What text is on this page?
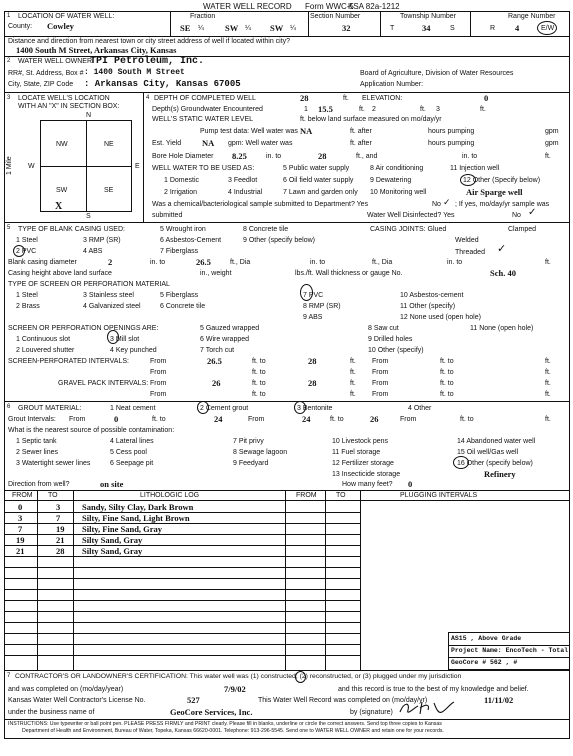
WATER WELL RECORD Form WWC-5
KSA 82a-1212
1 LOCATION OF WATER WELL:
County: Cowley
Fraction
SE ¼ SW ¼ SW ¼
Section Number
32
Township Number
T	34	S
Range Number
R 4	E/W
Distance and direction from nearest town or city street address of well if located within city?
1400 South M Street, Arkansas City, Kansas
2 WATER WELL OWNER:
TPI Petroleum, Inc.
RR#, St. Address, Box # : 1400 South M Street
City, State, ZIP Code : Arkansas City, Kansas 67005
Board of Agriculture, Division of Water Resources
Application Number:
3 LOCATE WELL'S LOCATION
WITH AN "X" IN SECTION BOX:
N
S
W	E
NW	NE
SW	SE
X
1 Mile
4 DEPTH OF COMPLETED WELL	28	ft. ELEVATION:	0
Depth(s) Groundwater Encountered	1 15.5	ft. 2	ft. 3	ft.
WELL'S STATIC WATER LEVEL	ft. below land surface measured on mo/day/yr
Pump test data: Well water was NA	ft. after	hours pumping	gpm
Est. Yield NA gpm: Well water was	ft. after	hours pumping	gpm
Bore Hole Diameter 8.25	in. to	28	ft., and	in. to	ft.
WELL WATER TO BE USED AS:	5 Public water supply	8 Air conditioning	11 Injection well
1 Domestic	3 Feedlot	6 Oil field water supply 9 Dewatering	12 Other (Specify below)
2 Irrigation	4 Industrial	7 Lawn and garden only 10 Monitoring well	Air Sparge well
Was a chemical/bacteriological sample submitted to Department? Yes	No ✓ ; If yes, mo/day/yr sample was
submitted	Water Well Disinfected? Yes	No ✓
5 TYPE OF BLANK CASING USED:
1 Steel	3 RMP (SR)
5 Wrought iron
6 Asbestos-Cement
8 Concrete tile
2 PVC	4 ABS	7 Fiberglass
9 Other (specify below)
CASING JOINTS: Glued	Clamped
Welded
Threaded ✓
Blank casing diameter	2	in. to	26.5	ft., Dia	in. to	ft., Dia	in. to	ft.
Casing height above land surface	in., weight	lbs./ft. Wall thickness or gauge No.	Sch. 40
TYPE OF SCREEN OR PERFORATION MATERIAL
1 Steel	3 Stainless steel	5 Fiberglass	7 PVC	10 Asbestos-cement
2 Brass	4 Galvanized steel	6 Concrete tile	8 RMP (SR)
9 ABS
11 Other (specify)
12 None used (open hole)
SCREEN OR PERFORATION OPENINGS ARE:	5 Gauzed wrapped	8 Saw cut	11 None (open hole)
1 Continuous slot	3 Mill slot	6 Wire wrapped	9 Drilled holes
2 Louvered shutter	4 Key punched	7 Torch cut	10 Other (specify)
SCREEN-PERFORATED INTERVALS:	From	26.5	ft. to	28	ft. From	ft. to	ft.
From	ft. to	ft. From	ft. to	ft.
GRAVEL PACK INTERVALS: From	26	ft. to	28	ft. From	ft. to	ft.
From	ft. to	ft. From	ft. to	ft.
6 GROUT MATERIAL:	1 Neat cement	2 Cement grout	3 Bentonite	4 Other
Grout Intervals: From	0	ft. to	24	From	24	ft. to	26	From	ft. to	ft.
What is the nearest source of possible contamination:
1 Septic tank	4 Lateral lines	7 Pit privy	10 Livestock pens	14 Abandoned water well
2 Sewer lines	5 Cess pool	8 Sewage lagoon	11 Fuel storage	15 Oil well/Gas well
3 Watertight sewer lines	6 Seepage pit	9 Feedyard	12 Fertilizer storage	16 Other (specify below)
13 Insecticide storage	Refinery
Direction from well?	on site	How many feet? 0
FROM TO	LITHOLOGIC LOG	FROM	TO	PLUGGING INTERVALS
0	3	Sandy, Silty Clay, Dark Brown
3	7	Silty, Fine Sand, Light Brown
7	19 Silty, Fine Sand, Gray
19	21 Silty Sand, Gray
21	28 Silty Sand, Gray
AS15 , Above Grade
Project Name: EncoTech - Total
GeoCore # 562 , #
7 CONTRACTOR'S OR LANDOWNER'S CERTIFICATION: This water well was (1) constructed, (2) reconstructed, or (3) plugged under my jurisdiction
and was completed on (mo/day/year)	7/9/02	and this record is true to the best of my knowledge and belief.
Kansas Water Well Contractor's License No.	527	This Water Well Record was completed on (mo/day/yr)	11/11/02
under the business name of	GeoCore Services, Inc.	by (signature)
INSTRUCTIONS: Use typewriter or ball point pen. PLEASE PRESS FIRMLY and PRINT clearly. Please fill in blanks, underline or circle the correct answers. Send top three copies to Kansas
Department of Health and Environment, Bureau of Water, Topeka, Kansas 66620-0001. Telephone: 913-296-5545. Send one to WATER WELL OWNER and retain one for your records.
